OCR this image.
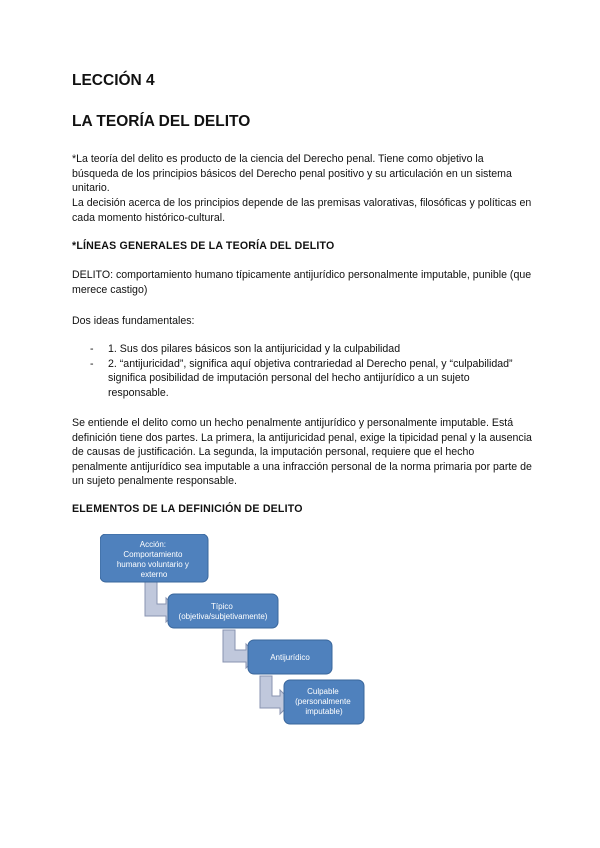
LECCIÓN 4
LA TEORÍA DEL DELITO

*La teoría del delito es producto de la ciencia del Derecho penal. Tiene como objetivo la búsqueda de los principios básicos del Derecho penal positivo y su articulación en un sistema unitario.

La decisión acerca de los principios depende de las premisas valorativas, filosóficas y políticas en cada momento histórico-cultural.

*LÍNEAS GENERALES DE LA TEORÍA DEL DELITO

DELITO: comportamiento humano típicamente antijurídico personalmente imputable, punible (que merece castigo)

Dos ideas fundamentales:

- 1. Sus dos pilares básicos son la antijuricidad y la culpabilidad
- 2. “antijuricidad”, significa aquí objetiva contrariedad al Derecho penal, y “culpabilidad” significa posibilidad de imputación personal del hecho antijurídico a un sujeto responsable.

Se entiende el delito como un hecho penalmente antijurídico y personalmente imputable. Está definición tiene dos partes. La primera, la antijuricidad penal, exige la tipicidad penal y la ausencia de causas de justificación. La segunda, la imputación personal, requiere que el hecho penalmente antijurídico sea imputable a una infracción personal de la norma primaria por parte de un sujeto penalmente responsable.

ELEMENTOS DE LA DEFINICIÓN DE DELITO
Acción: Comportamiento humano voluntario y externo
Típico (objetiva/subjetivamente)
Antijurídico
Culpable (personalmente imputable)
